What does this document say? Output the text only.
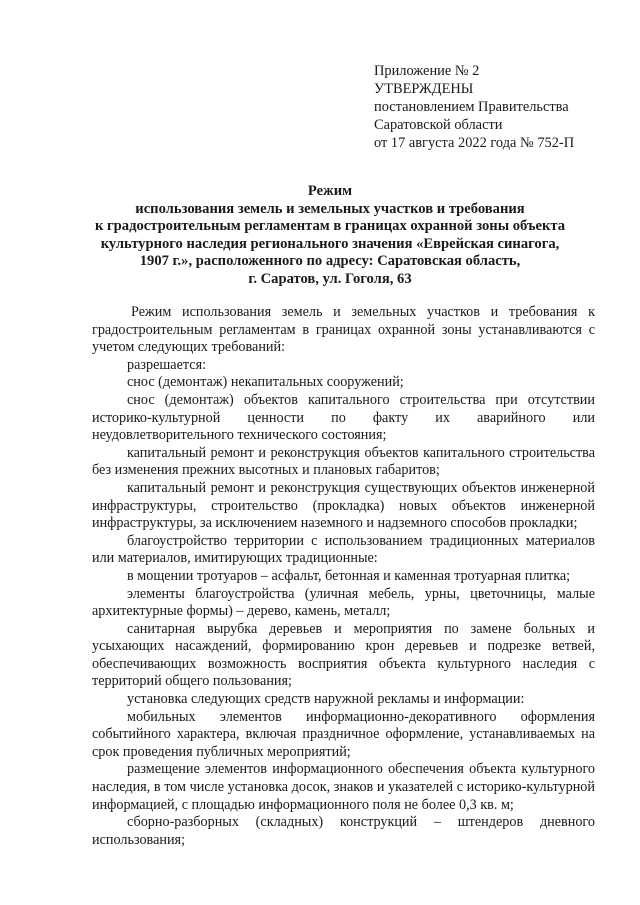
Приложение № 2

УТВЕРЖДЕНЫ

постановлением Правительства

Саратовской области

от 17 августа 2022 года № 752-П

Режим

использования земель и земельных участков и требования

к градостроительным регламентам в границах охранной зоны объекта

культурного наследия регионального значения «Еврейская синагога,

1907 г.», расположенного по адресу: Саратовская область,

г. Саратов, ул. Гоголя, 63

Режим использования земель и земельных участков и требования к градостроительным регламентам в границах охранной зоны устанавливаются с учетом следующих требований:

разрешается:

снос (демонтаж) некапитальных сооружений;

снос (демонтаж) объектов капитального строительства при отсутствии историко-культурной ценности по факту их аварийного или неудовлетворительного технического состояния;

капитальный ремонт и реконструкция объектов капитального строительства без изменения прежних высотных и плановых габаритов;

капитальный ремонт и реконструкция существующих объектов инженерной инфраструктуры, строительство (прокладка) новых объектов инженерной инфраструктуры, за исключением наземного и надземного способов прокладки;

благоустройство территории с использованием традиционных материалов или материалов, имитирующих традиционные:

в мощении тротуаров – асфальт, бетонная и каменная тротуарная плитка;

элементы благоустройства (уличная мебель, урны, цветочницы, малые архитектурные формы) – дерево, камень, металл;

санитарная вырубка деревьев и мероприятия по замене больных и усыхающих насаждений, формированию крон деревьев и подрезке ветвей, обеспечивающих возможность восприятия объекта культурного наследия с территорий общего пользования;

установка следующих средств наружной рекламы и информации:

мобильных элементов информационно-декоративного оформления событийного характера, включая праздничное оформление, устанавливаемых на срок проведения публичных мероприятий;

размещение элементов информационного обеспечения объекта культурного наследия, в том числе установка досок, знаков и указателей с историко-культурной информацией, с площадью информационного поля не более 0,3 кв. м;

сборно-разборных (складных) конструкций – штендеров дневного использования;
